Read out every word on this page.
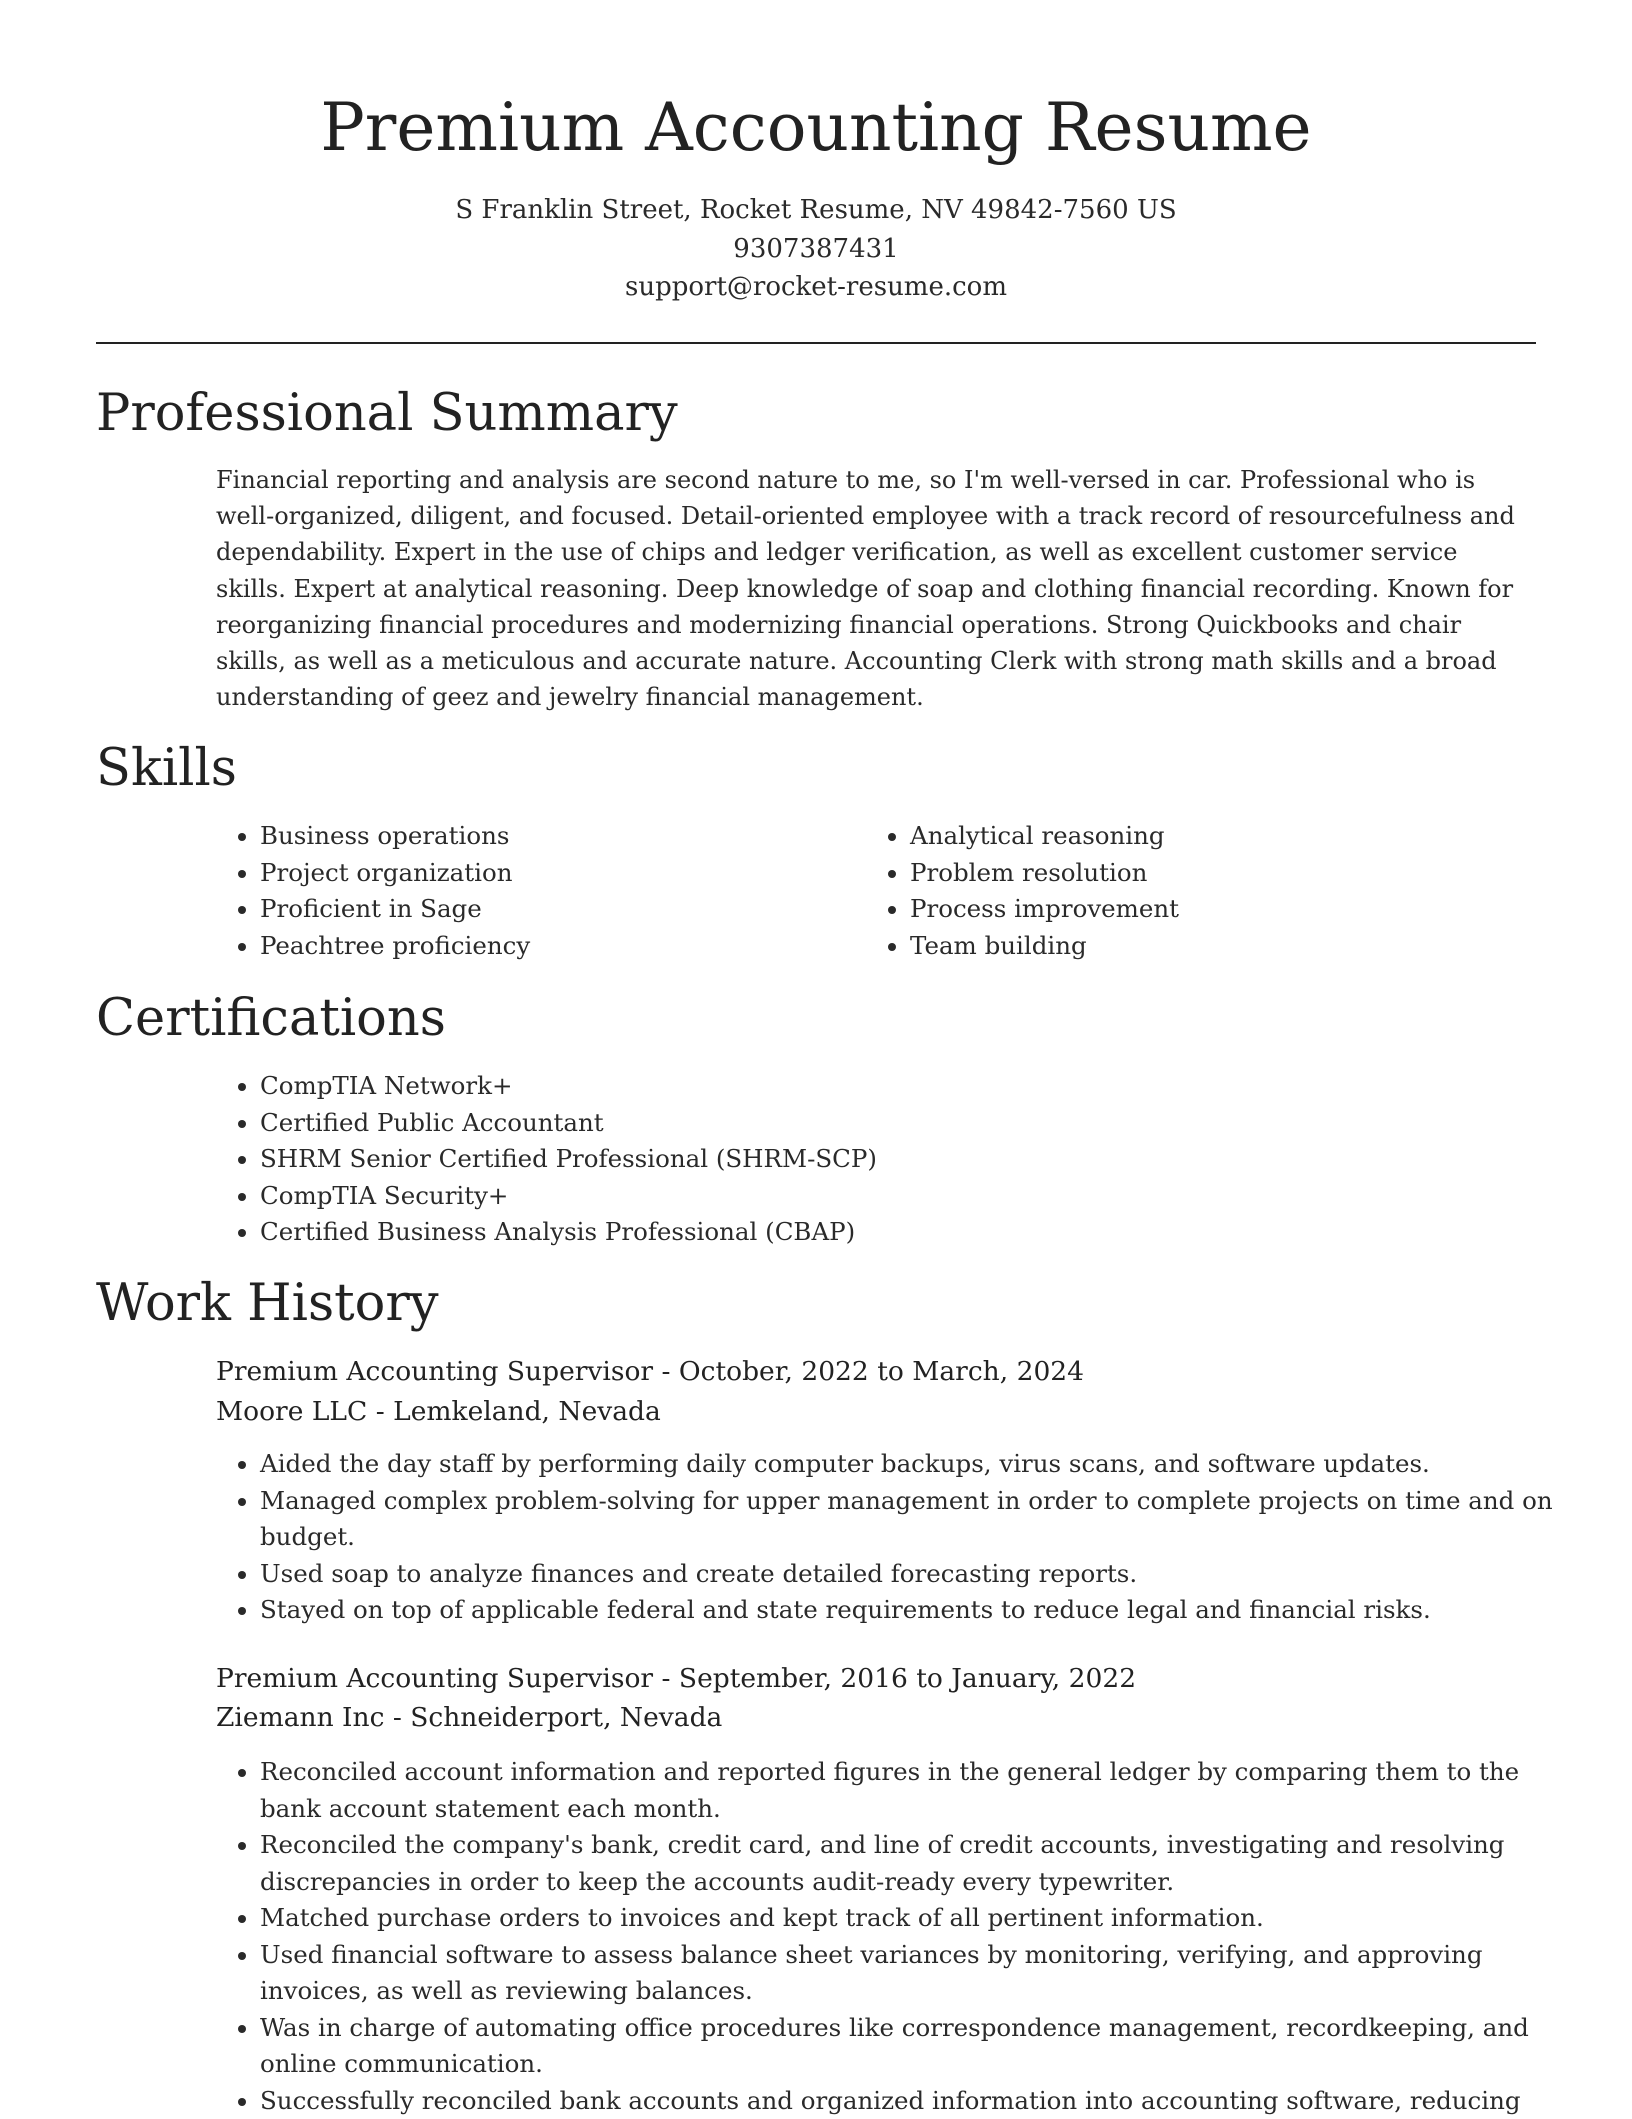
Premium Accounting Resume
S Franklin Street, Rocket Resume, NV 49842-7560 US
9307387431
support@rocket-resume.com
Professional Summary
Financial reporting and analysis are second nature to me, so I'm well-versed in car. Professional who is well-organized, diligent, and focused. Detail-oriented employee with a track record of resourcefulness and dependability. Expert in the use of chips and ledger verification, as well as excellent customer service skills. Expert at analytical reasoning. Deep knowledge of soap and clothing financial recording. Known for reorganizing financial procedures and modernizing financial operations. Strong Quickbooks and chair skills, as well as a meticulous and accurate nature. Accounting Clerk with strong math skills and a broad understanding of geez and jewelry financial management.
Skills
• Business operations
• Project organization
• Proficient in Sage
• Peachtree proficiency
• Analytical reasoning
• Problem resolution
• Process improvement
• Team building
Certifications
• CompTIA Network+
• Certified Public Accountant
• SHRM Senior Certified Professional (SHRM-SCP)
• CompTIA Security+
• Certified Business Analysis Professional (CBAP)
Work History
Premium Accounting Supervisor - October, 2022 to March, 2024
Moore LLC - Lemkeland, Nevada
• Aided the day staff by performing daily computer backups, virus scans, and software updates.
• Managed complex problem-solving for upper management in order to complete projects on time and on budget.
• Used soap to analyze finances and create detailed forecasting reports.
• Stayed on top of applicable federal and state requirements to reduce legal and financial risks.
Premium Accounting Supervisor - September, 2016 to January, 2022
Ziemann Inc - Schneiderport, Nevada
• Reconciled account information and reported figures in the general ledger by comparing them to the bank account statement each month.
• Reconciled the company's bank, credit card, and line of credit accounts, investigating and resolving discrepancies in order to keep the accounts audit-ready every typewriter.
• Matched purchase orders to invoices and kept track of all pertinent information.
• Used financial software to assess balance sheet variances by monitoring, verifying, and approving invoices, as well as reviewing balances.
• Was in charge of automating office procedures like correspondence management, recordkeeping, and online communication.
• Successfully reconciled bank accounts and organized information into accounting software, reducing
